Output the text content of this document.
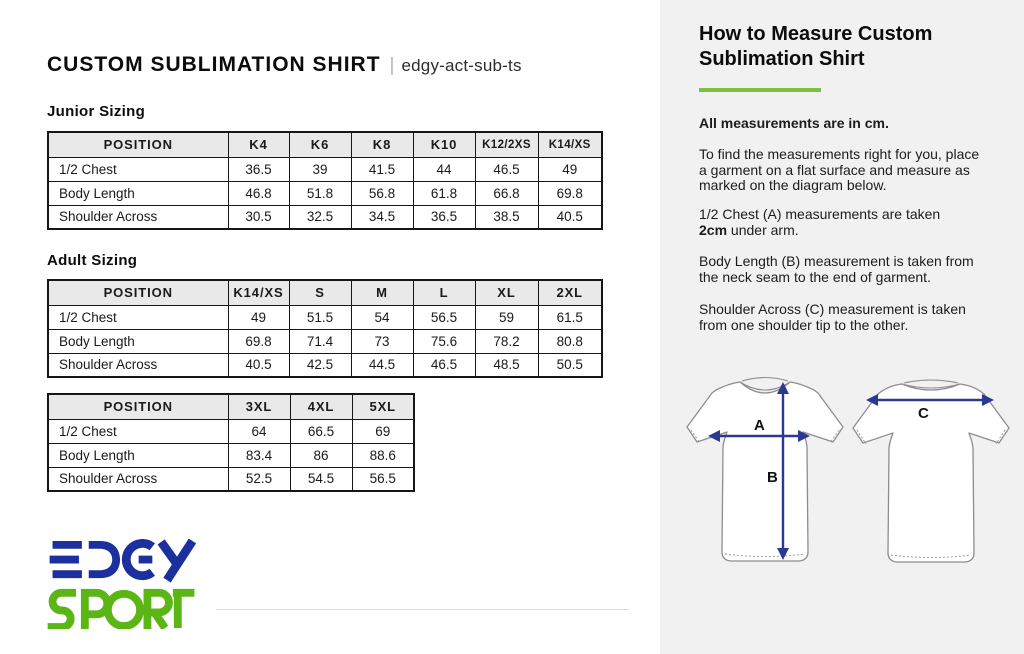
CUSTOM SUBLIMATION SHIRT | edgy-act-sub-ts
Junior Sizing
POSITION	K4	K6	K8	K10	K12/2XS	K14/XS
1/2 Chest	36.5	39	41.5	44	46.5	49
Body Length	46.8	51.8	56.8	61.8	66.8	69.8
Shoulder Across	30.5	32.5	34.5	36.5	38.5	40.5
Adult Sizing
POSITION	K14/XS	S	M	L	XL	2XL
1/2 Chest	49	51.5	54	56.5	59	61.5
Body Length	69.8	71.4	73	75.6	78.2	80.8
Shoulder Across	40.5	42.5	44.5	46.5	48.5	50.5
POSITION	3XL	4XL	5XL
1/2 Chest	64	66.5	69
Body Length	83.4	86	88.6
Shoulder Across	52.5	54.5	56.5
How to Measure Custom Sublimation Shirt

All measurements are in cm.

To find the measurements right for you, place a garment on a flat surface and measure as marked on the diagram below.

1/2 Chest (A) measurements are taken 2cm under arm.

Body Length (B) measurement is taken from the neck seam to the end of garment.

Shoulder Across (C) measurement is taken from one shoulder tip to the other.

A
B
C
